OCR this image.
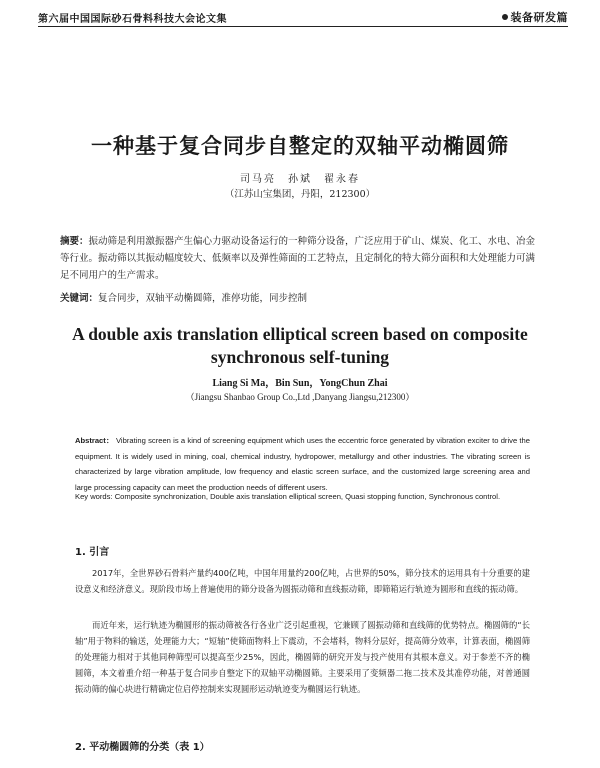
第六届中国国际砂石骨料科技大会论文集	装备研发篇
一种基于复合同步自整定的双轴平动椭圆筛
司马亮　孙斌　翟永春
（江苏山宝集团，丹阳，212300）
摘要：振动筛是利用激振器产生偏心力驱动设备运行的一种筛分设备，广泛应用于矿山、煤炭、化工、水电、冶金等行业。振动筛以其振动幅度较大、低频率以及弹性筛面的工艺特点，且定制化的特大筛分面积和大处理能力可满足不同用户的生产需求。
关键词：复合同步，双轴平动椭圆筛，准停功能，同步控制
A double axis translation elliptical screen based on composite synchronous self-tuning
Liang Si Ma，Bin Sun，YongChun Zhai
（Jiangsu Shanbao Group Co.,Ltd ,Danyang Jiangsu,212300）
Abstract： Vibrating screen is a kind of screening equipment which uses the eccentric force generated by vibration exciter to drive the equipment. It is widely used in mining, coal, chemical industry, hydropower, metallurgy and other industries. The vibrating screen is characterized by large vibration amplitude, low frequency and elastic screen surface, and the customized large screening area and large processing capacity can meet the production needs of different users.
Key words: Composite synchronization, Double axis translation elliptical screen, Quasi stopping function, Synchronous control.
1. 引言
2017年，全世界砂石骨料产量约400亿吨，中国年用量约200亿吨，占世界的50%，筛分技术的运用具有十分重要的建设意义和经济意义。现阶段市场上普遍使用的筛分设备为圆振动筛和直线振动筛，即筛箱运行轨迹为圆形和直线的振动筛。
而近年来，运行轨迹为椭圆形的振动筛被各行各业广泛引起重视，它兼顾了圆振动筛和直线筛的优势特点。椭圆筛的“长轴”用于物料的输送，处理能力大；“短轴”使筛面物料上下震动，不会堵料，物料分层好，提高筛分效率，计算表面，椭圆筛的处理能力相对于其他同种筛型可以提高至少25%，因此，椭圆筛的研究开发与投产使用有其根本意义。对于参差不齐的椭圆筛，本文着重介绍一种基于复合同步自整定下的双轴平动椭圆筛。主要采用了变频器二拖二技术及其准停功能，对普通圆振动筛的偏心块进行精确定位启停控制来实现圆形运动轨迹变为椭圆运行轨迹。
2. 平动椭圆筛的分类（表 1）
